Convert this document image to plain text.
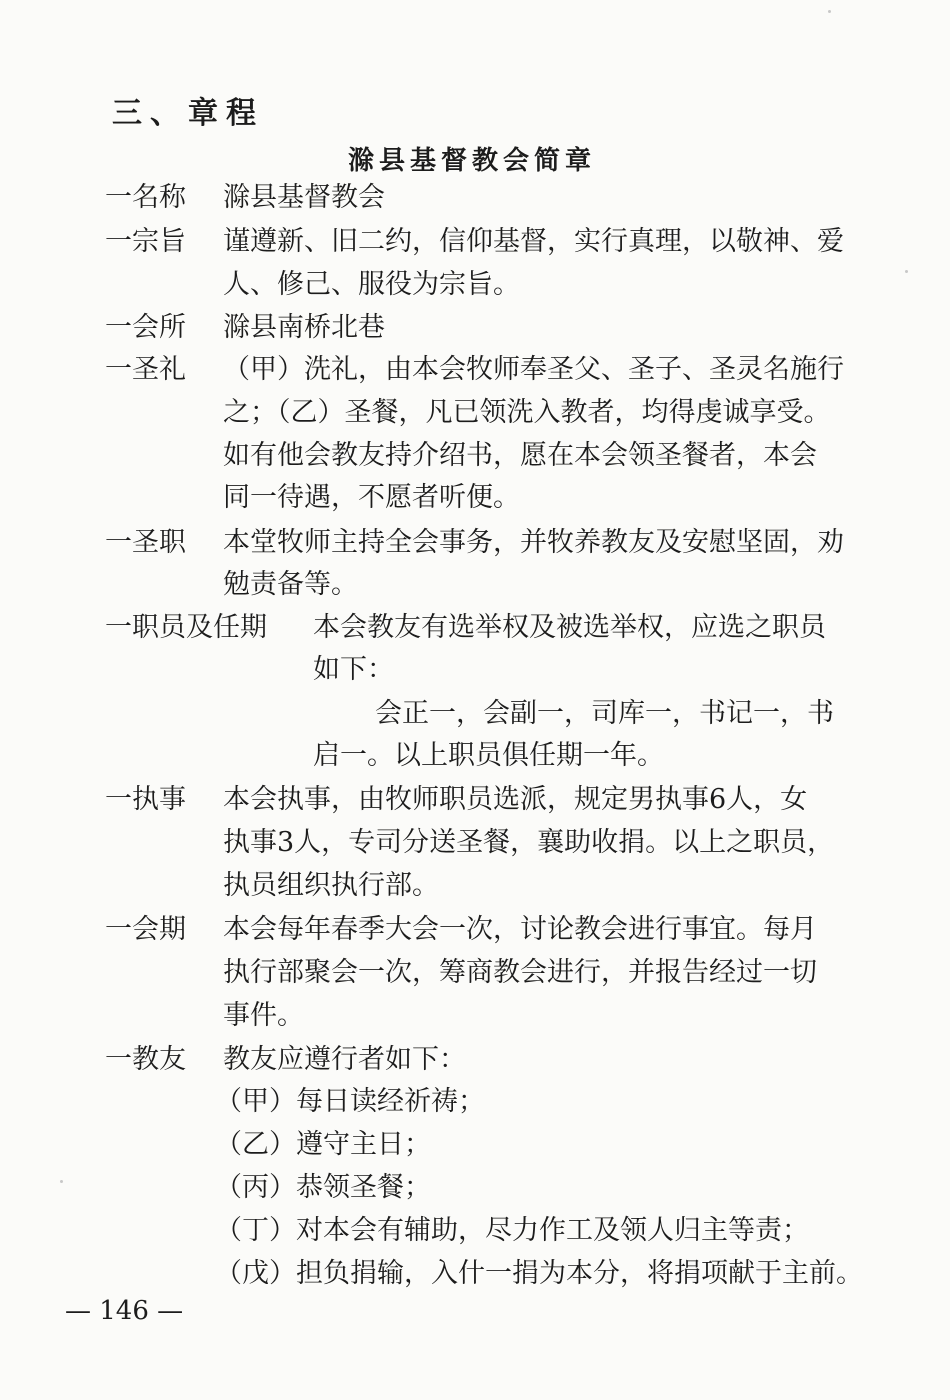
三、章程
滁县基督教会简章
一名称 滁县基督教会
一宗旨 谨遵新、旧二约，信仰基督，实行真理，以敬神、爱
人、修己、服役为宗旨。
一会所 滁县南桥北巷
一圣礼 （甲）洗礼，由本会牧师奉圣父、圣子、圣灵名施行
之；（乙）圣餐，凡已领洗入教者，均得虔诚享受。
如有他会教友持介绍书，愿在本会领圣餐者，本会
同一待遇，不愿者听便。
一圣职 本堂牧师主持全会事务，并牧养教友及安慰坚固，劝
勉责备等。
一职员及任期 本会教友有选举权及被选举权，应选之职员
如下：
会正一，会副一，司库一，书记一，书
启一。以上职员俱任期一年。
一执事 本会执事，由牧师职员选派，规定男执事6人，女
执事3人，专司分送圣餐，襄助收捐。以上之职员，
执员组织执行部。
一会期 本会每年春季大会一次，讨论教会进行事宜。每月
执行部聚会一次，筹商教会进行，并报告经过一切
事件。
一教友 教友应遵行者如下：
（甲）每日读经祈祷；
（乙）遵守主日；
（丙）恭领圣餐；
（丁）对本会有辅助，尽力作工及领人归主等责；
（戊）担负捐输，入什一捐为本分，将捐项献于主前。
— 146 —
